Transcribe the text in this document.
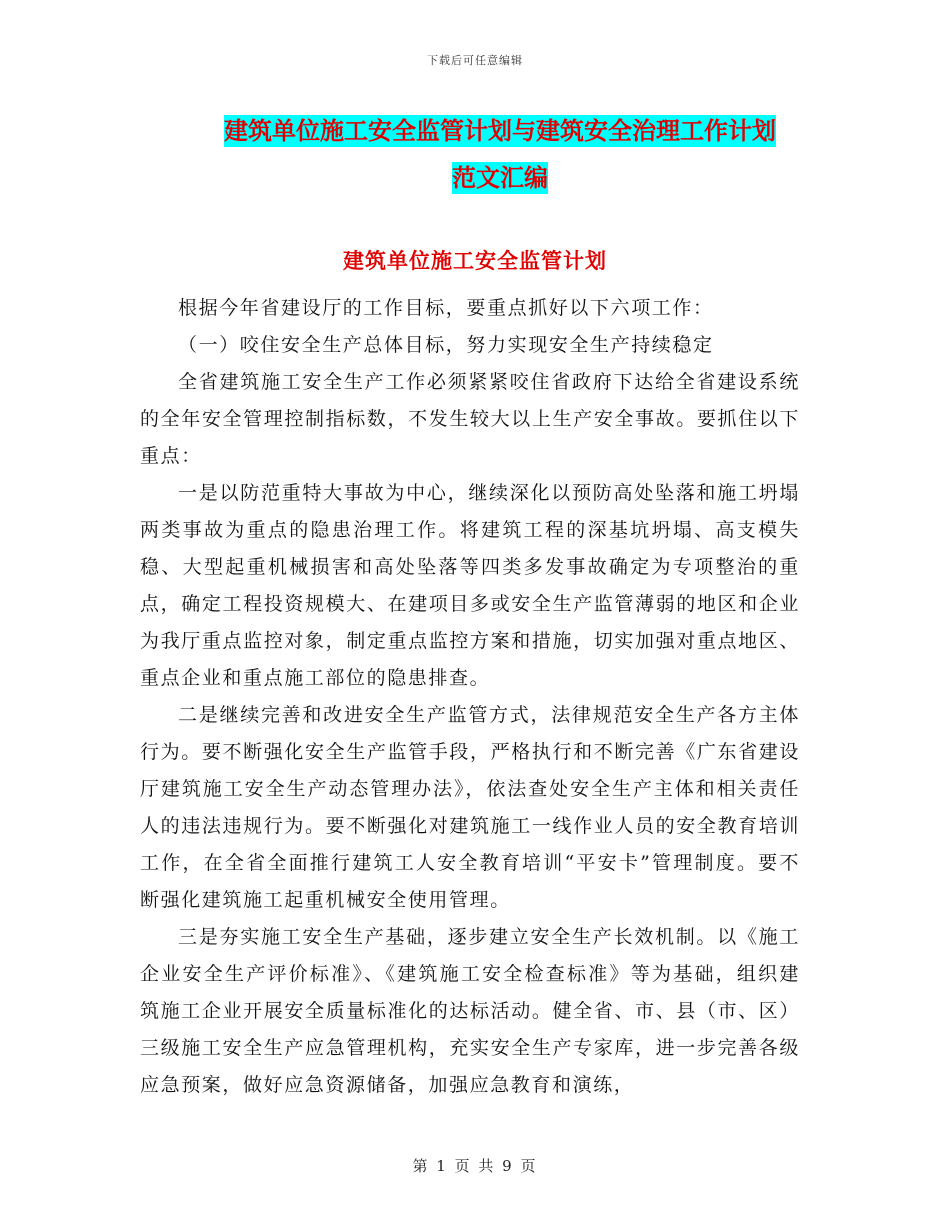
下载后可任意编辑
建筑单位施工安全监管计划与建筑安全治理工作计划
范文汇编
建筑单位施工安全监管计划

根据今年省建设厅的工作目标，要重点抓好以下六项工作：

（一）咬住安全生产总体目标，努力实现安全生产持续稳定

全省建筑施工安全生产工作必须紧紧咬住省政府下达给全省建设系统的全年安全管理控制指标数，不发生较大以上生产安全事故。要抓住以下重点：

一是以防范重特大事故为中心，继续深化以预防高处坠落和施工坍塌两类事故为重点的隐患治理工作。将建筑工程的深基坑坍塌、高支模失稳、大型起重机械损害和高处坠落等四类多发事故确定为专项整治的重点，确定工程投资规模大、在建项目多或安全生产监管薄弱的地区和企业为我厅重点监控对象，制定重点监控方案和措施，切实加强对重点地区、重点企业和重点施工部位的隐患排查。

二是继续完善和改进安全生产监管方式，法律规范安全生产各方主体行为。要不断强化安全生产监管手段，严格执行和不断完善《广东省建设厅建筑施工安全生产动态管理办法》，依法查处安全生产主体和相关责任人的违法违规行为。要不断强化对建筑施工一线作业人员的安全教育培训工作，在全省全面推行建筑工人安全教育培训“平安卡”管理制度。要不断强化建筑施工起重机械安全使用管理。

三是夯实施工安全生产基础，逐步建立安全生产长效机制。以《施工企业安全生产评价标准》、《建筑施工安全检查标准》等为基础，组织建筑施工企业开展安全质量标准化的达标活动。健全省、市、县（市、区）三级施工安全生产应急管理机构，充实安全生产专家库，进一步完善各级应急预案，做好应急资源储备，加强应急教育和演练，

第 1 页 共 9 页
